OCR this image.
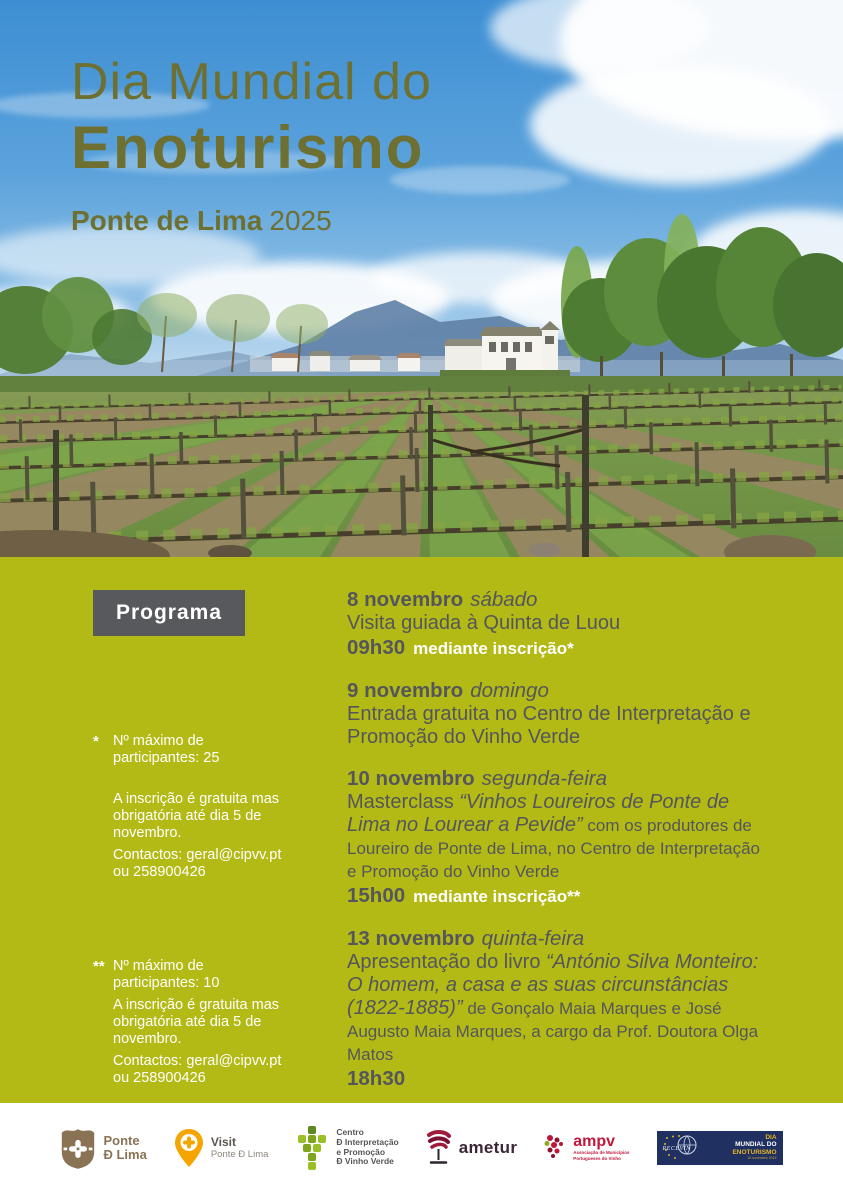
Dia Mundial do
Enoturismo
Ponte de Lima 2025
Programa
* Nº máximo de participantes: 25

A inscrição é gratuita mas obrigatória até dia 5 de novembro.

Contactos: geral@cipvv.pt ou 258900426

** Nº máximo de participantes: 10

A inscrição é gratuita mas obrigatória até dia 5 de novembro.

Contactos: geral@cipvv.pt ou 258900426

8 novembro sábado
Visita guiada à Quinta de Luou
09h30 mediante inscrição*
9 novembro domingo
Entrada gratuita no Centro de Interpretação e Promoção do Vinho Verde
10 novembro segunda-feira
Masterclass “Vinhos Loureiros de Ponte de Lima no Lourear a Pevide” com os produtores de Loureiro de Ponte de Lima, no Centro de Interpretação e Promoção do Vinho Verde
15h00 mediante inscrição**
13 novembro quinta-feira
Apresentação do livro “António Silva Monteiro: O homem, a casa e as suas circunstâncias (1822-1885)” de Gonçalo Maia Marques e José Augusto Maia Marques, a cargo da Prof. Doutora Olga Matos
18h30
Ponte
Ð Lima
Visit
Ponte Ð Lima
Centro
Ð Interpretação
e Promoção
Ð Vinho Verde
ametur	ampv
Associação de Municípios
Portugueses do Vinho
RECEVIN
DIA
MUNDIAL DO
ENOTURISMO
10 novembro 2019
